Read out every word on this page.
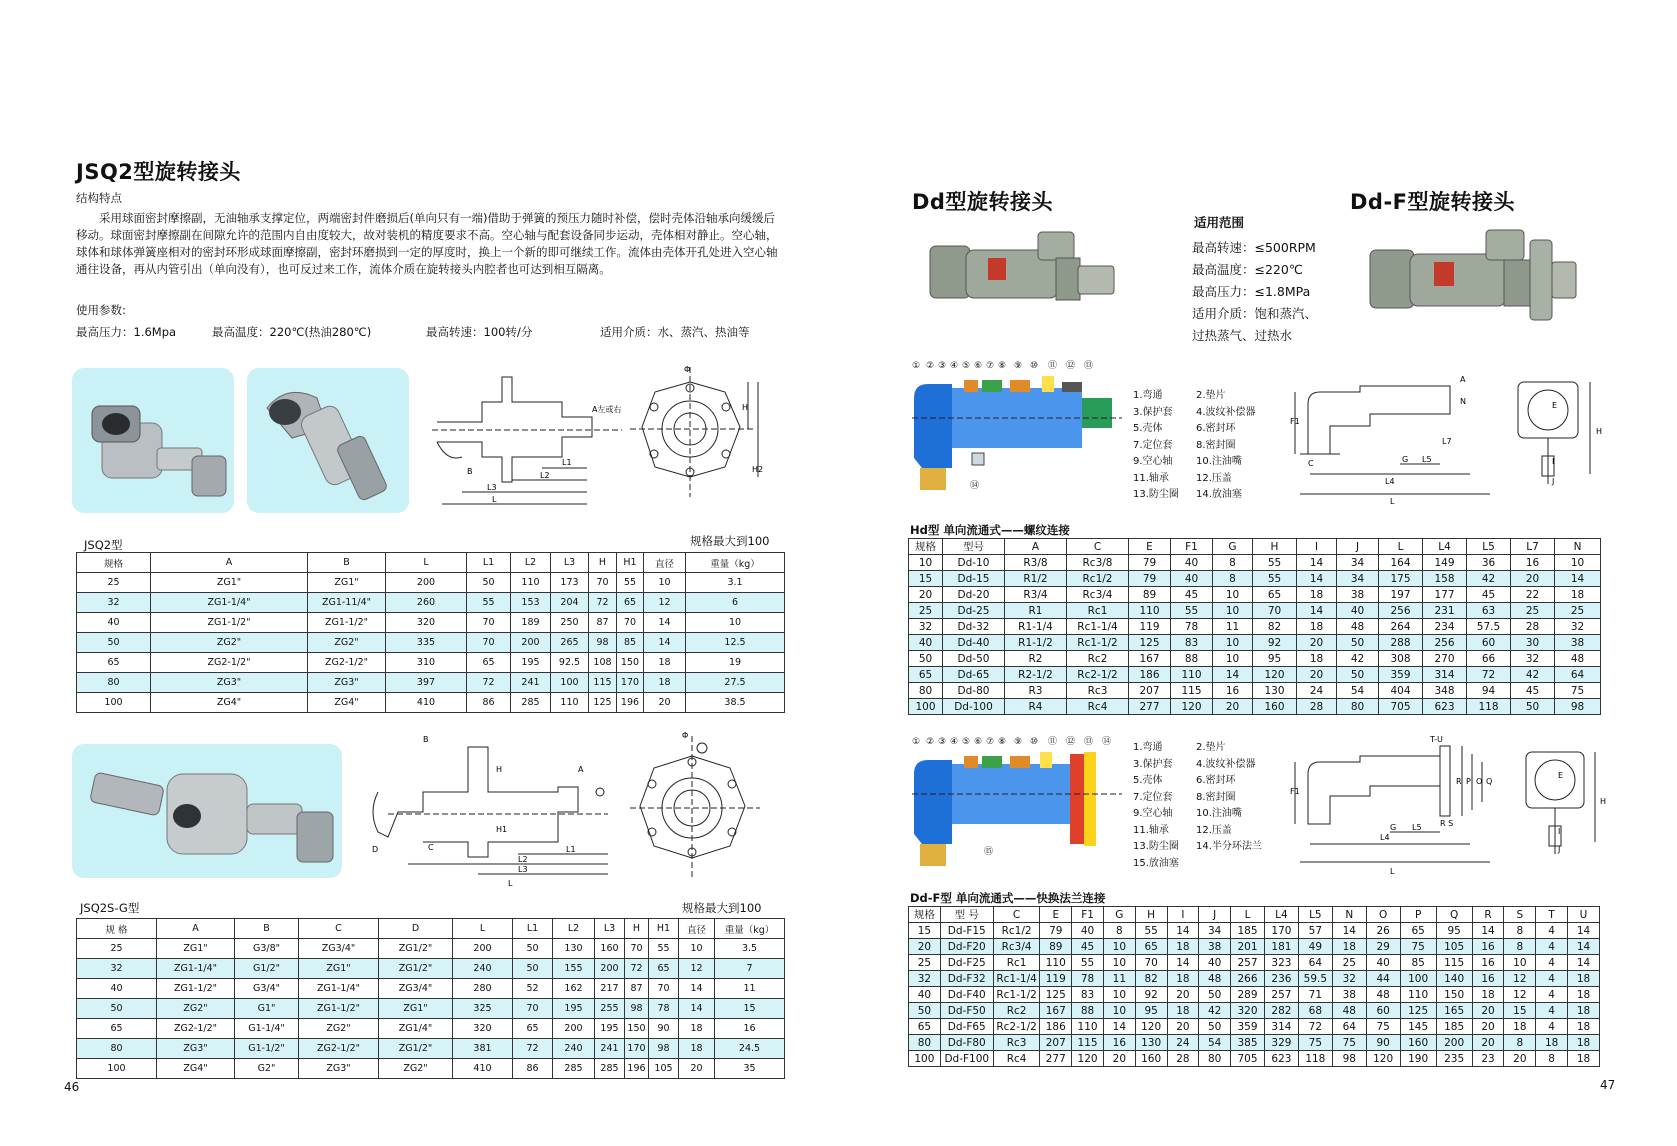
JSQ2型旋转接头
结构特点

采用球面密封摩擦副，无油轴承支撑定位，两端密封件磨损后(单向只有一端)借助于弹簧的预压力随时补偿，偿时壳体沿轴承向缓缓后移动。球面密封摩擦副在间隙允许的范围内自由度较大，故对装机的精度要求不高。空心轴与配套设备同步运动，壳体相对静止。空心轴，球体和球体弹簧座相对的密封环形成球面摩擦副，密封环磨损到一定的厚度时，换上一个新的即可继续工作。流体由壳体开孔处进入空心轴通往设备，再从内管引出（单向没有），也可反过来工作，流体介质在旋转接头内腔者也可达到相互隔离。

使用参数:
最高压力：1.6Mpa	最高温度：220℃(热油280℃)	最高转速：100转/分	适用介质：水、蒸汽、热油等
A左或右
B
L1
L2
L3
L
Φ
H
H2
JSQ2型	规格最大到100
规格	A	B	L	L1	L2	L3	H	H1	直径	重量（kg）
25	ZG1"	ZG1"	200	50	110	173	70	55	10	3.1
32	ZG1-1/4"	ZG1-11/4"	260	55	153	204	72	65	12	6
40	ZG1-1/2"	ZG1-1/2"	320	70	189	250	87	70	14	10
50	ZG2"	ZG2"	335	70	200	265	98	85	14	12.5
65	ZG2-1/2"	ZG2-1/2"	310	65	195	92.5	108	150	18	19
80	ZG3"	ZG3"	397	72	241	100	115	170	18	27.5
100	ZG4"	ZG4"	410	86	285	110	125	196	20	38.5
B
A
C
D
H
H1
L1
L2
L3
L
Φ
JSQ2S-G型	规格最大到100
规 格	A	B	C	D	L	L1	L2	L3	H	H1	直径	重量（kg）
25	ZG1"	G3/8"	ZG3/4"	ZG1/2"	200	50	130	160	70	55	10	3.5
32	ZG1-1/4"	G1/2"	ZG1"	ZG1/2"	240	50	155	200	72	65	12	7
40	ZG1-1/2"	G3/4"	ZG1-1/4"	ZG3/4"	280	52	162	217	87	70	14	11
50	ZG2"	G1"	ZG1-1/2"	ZG1"	325	70	195	255	98	78	14	15
65	ZG2-1/2"	G1-1/4"	ZG2"	ZG1/4"	320	65	200	195	150	90	18	16
80	ZG3"	G1-1/2"	ZG2-1/2"	ZG1/2"	381	72	240	241	170	98	18	24.5
100	ZG4"	G2"	ZG3"	ZG2"	410	86	285	285	196	105	20	35
46
Dd型旋转接头	Dd-F型旋转接头
适用范围
最高转速：≤500RPM
最高温度：≤220℃
最高压力：≤1.8MPa
适用介质：饱和蒸汽、
过热蒸气、过热水
① ② ③ ④ ⑤ ⑥ ⑦ ⑧ ⑨ ⑩ ⑪ ⑫ ⑬
⑭
1.弯通	2.垫片
3.保护套	4.波纹补偿器
5.壳体	6.密封环
7.定位套	8.密封圈
9.空心轴	10.注油嘴
11.轴承	12.压盖
13.防尘圈	14.放油塞
A
N
F1
C	G L5
L7
L4
L
E
H
I
J
Hd型 单向流通式——螺纹连接
规格	型号	A	C	E	F1	G	H	I	J	L	L4	L5	L7	N
10	Dd-10	R3/8	Rc3/8	79	40	8	55	14	34	164	149	36	16	10
15	Dd-15	R1/2	Rc1/2	79	40	8	55	14	34	175	158	42	20	14
20	Dd-20	R3/4	Rc3/4	89	45	10	65	18	38	197	177	45	22	18
25	Dd-25	R1	Rc1	110	55	10	70	14	40	256	231	63	25	25
32	Dd-32	R1-1/4	Rc1-1/4	119	78	11	82	18	48	264	234	57.5	28	32
40	Dd-40	R1-1/2	Rc1-1/2	125	83	10	92	20	50	288	256	60	30	38
50	Dd-50	R2	Rc2	167	88	10	95	18	42	308	270	66	32	48
65	Dd-65	R2-1/2	Rc2-1/2	186	110	14	120	20	50	359	314	72	42	64
80	Dd-80	R3	Rc3	207	115	16	130	24	54	404	348	94	45	75
100	Dd-100	R4	Rc4	277	120	20	160	28	80	705	623	118	50	98
① ② ③ ④ ⑤ ⑥ ⑦ ⑧ ⑨ ⑩ ⑪ ⑫ ⑬ ⑭
⑮
1.弯通	2.垫片
3.保护套	4.波纹补偿器
5.壳体	6.密封环
7.定位套	8.密封圈
9.空心轴	10.注油嘴
11.轴承	12.压盖
13.防尘圈	14.半分环法兰
15.放油塞
T-U
R P O Q
F1
G	R S
L5
L4
L
E
H
I
J
Dd-F型 单向流通式——快换法兰连接
规格	型 号	C	E	F1	G	H	I	J	L	L4	L5	N	O	P	Q	R	S	T	U
15	Dd-F15	Rc1/2	79	40	8	55	14	34	185	170	57	14	26	65	95	14	8	4	14
20	Dd-F20	Rc3/4	89	45	10	65	18	38	201	181	49	18	29	75	105	16	8	4	14
25	Dd-F25	Rc1	110	55	10	70	14	40	257	323	64	25	40	85	115	16	10	4	14
32	Dd-F32	Rc1-1/4	119	78	11	82	18	48	266	236	59.5	32	44	100	140	16	12	4	18
40	Dd-F40	Rc1-1/2	125	83	10	92	20	50	289	257	71	38	48	110	150	18	12	4	18
50	Dd-F50	Rc2	167	88	10	95	18	42	320	282	68	48	60	125	165	20	15	4	18
65	Dd-F65	Rc2-1/2	186	110	14	120	20	50	359	314	72	64	75	145	185	20	18	4	18
80	Dd-F80	Rc3	207	115	16	130	24	54	385	329	75	75	90	160	200	20	8	18	18
100	Dd-F100	Rc4	277	120	20	160	28	80	705	623	118	98	120	190	235	23	20	8	18
47
